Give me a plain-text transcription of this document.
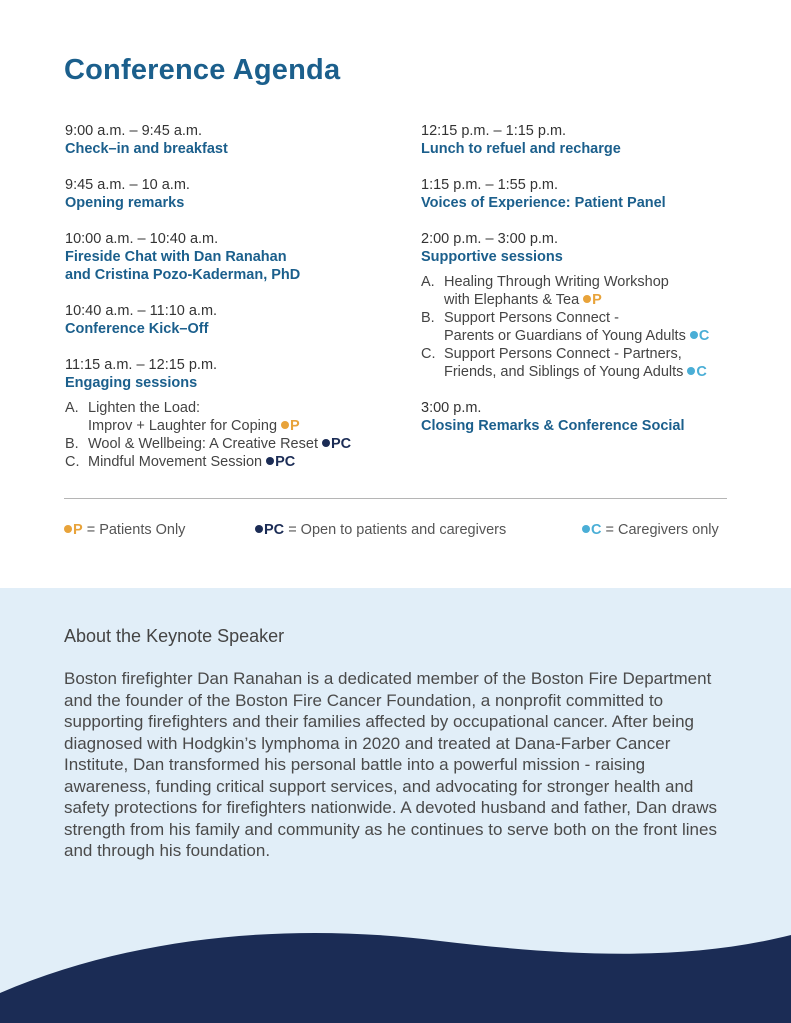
Conference Agenda
9:00 a.m. – 9:45 a.m.
Check–in and breakfast
9:45 a.m. – 10 a.m.
Opening remarks
10:00 a.m. – 10:40 a.m.
Fireside Chat with Dan Ranahan
and Cristina Pozo-Kaderman, PhD
10:40 a.m. – 11:10 a.m.
Conference Kick–Off
11:15 a.m. – 12:15 p.m.
Engaging sessions
A. Lighten the Load:
Improv + Laughter for Coping P
B. Wool & Wellbeing: A Creative Reset PC
C. Mindful Movement Session PC
12:15 p.m. – 1:15 p.m.
Lunch to refuel and recharge
1:15 p.m. – 1:55 p.m.
Voices of Experience: Patient Panel
2:00 p.m. – 3:00 p.m.
Supportive sessions
A. Healing Through Writing Workshop
with Elephants & Tea P
B. Support Persons Connect -
Parents or Guardians of Young Adults C
C. Support Persons Connect - Partners,
Friends, and Siblings of Young Adults C
3:00 p.m.
Closing Remarks & Conference Social
P = Patients Only	PC = Open to patients and caregivers	C = Caregivers only
About the Keynote Speaker

Boston firefighter Dan Ranahan is a dedicated member of the Boston Fire Department and the founder of the Boston Fire Cancer Foundation, a nonprofit committed to supporting firefighters and their families affected by occupational cancer. After being diagnosed with Hodgkin’s lymphoma in 2020 and treated at Dana-Farber Cancer Institute, Dan transformed his personal battle into a powerful mission - raising awareness, funding critical support services, and advocating for stronger health and safety protections for firefighters nationwide. A devoted husband and father, Dan draws strength from his family and community as he continues to serve both on the front lines and through his foundation.
